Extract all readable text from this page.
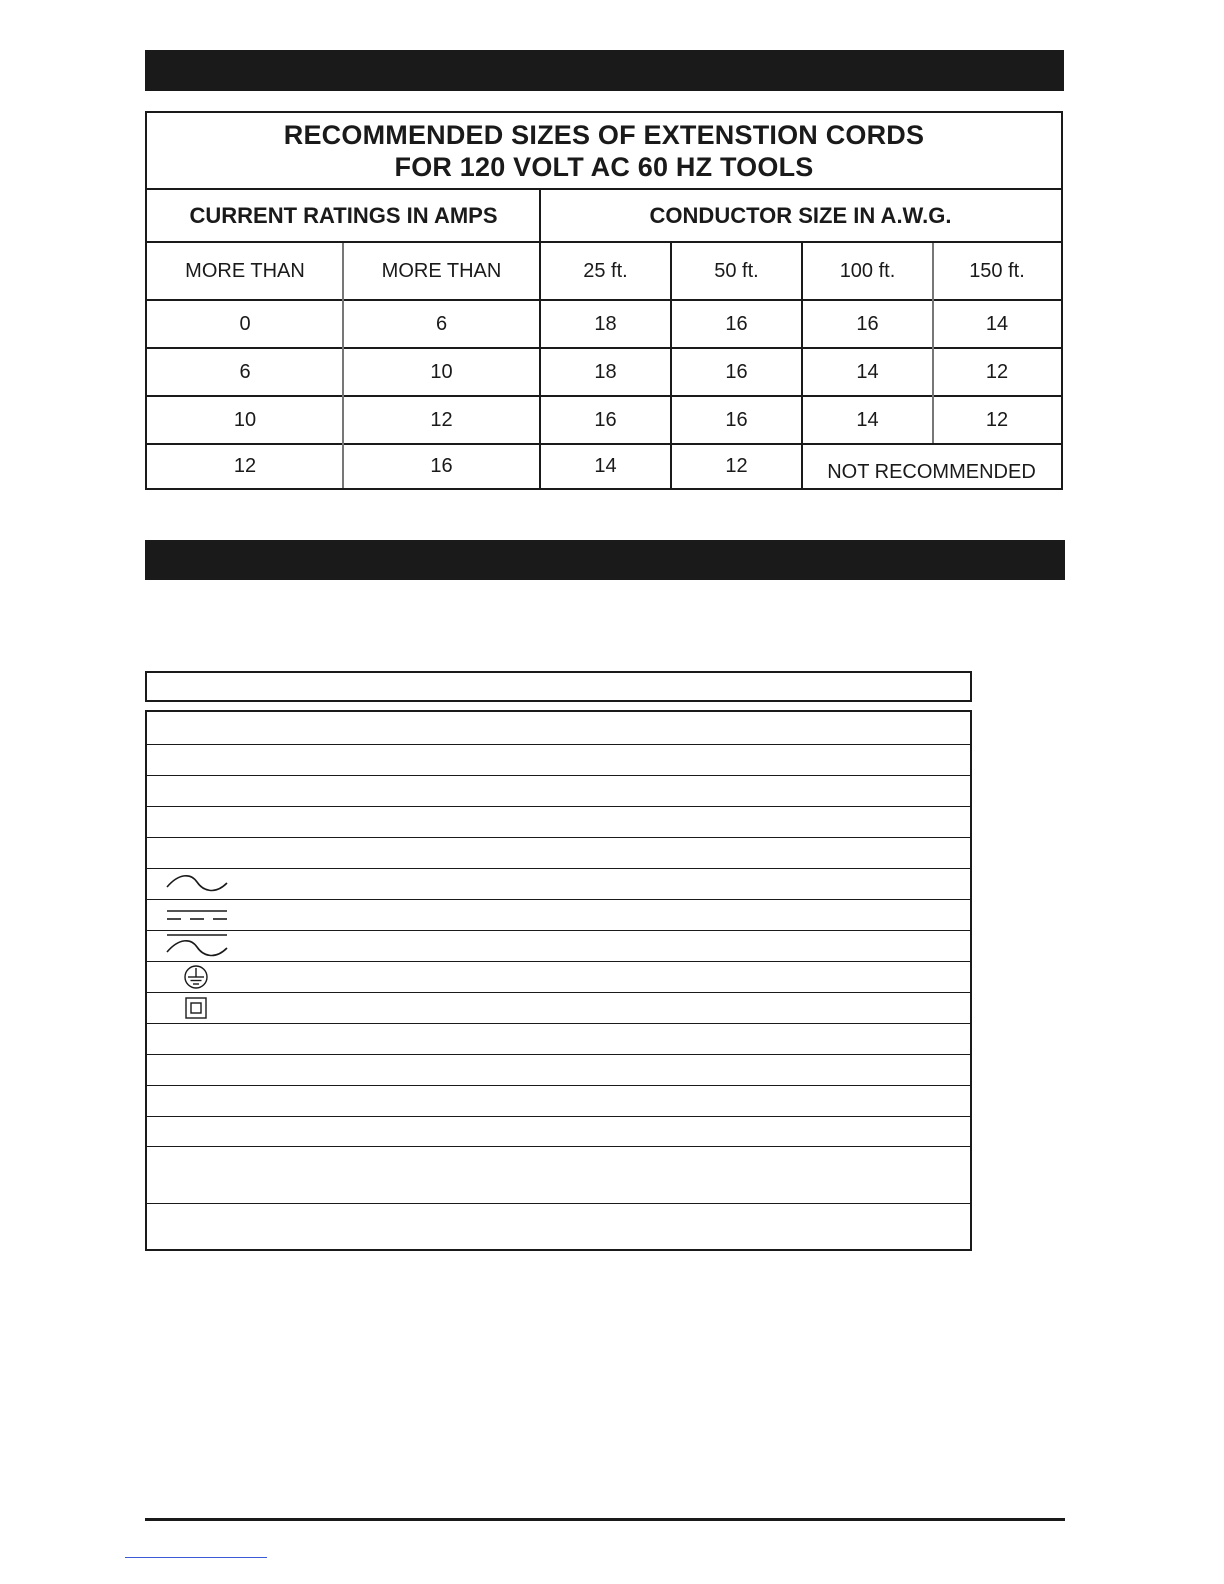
RECOMMENDED SIZES OF EXTENSTION CORDS
FOR 120 VOLT AC 60 HZ TOOLS
CURRENT RATINGS IN AMPS	CONDUCTOR SIZE IN A.W.G.
MORE THAN	MORE THAN	25 ft.	50 ft.	100 ft.	150 ft.
0	6	18	16	16	14
6	10	18	16	14	12
10	12	16	16	14	12
12	16	14	12	NOT RECOMMENDED
